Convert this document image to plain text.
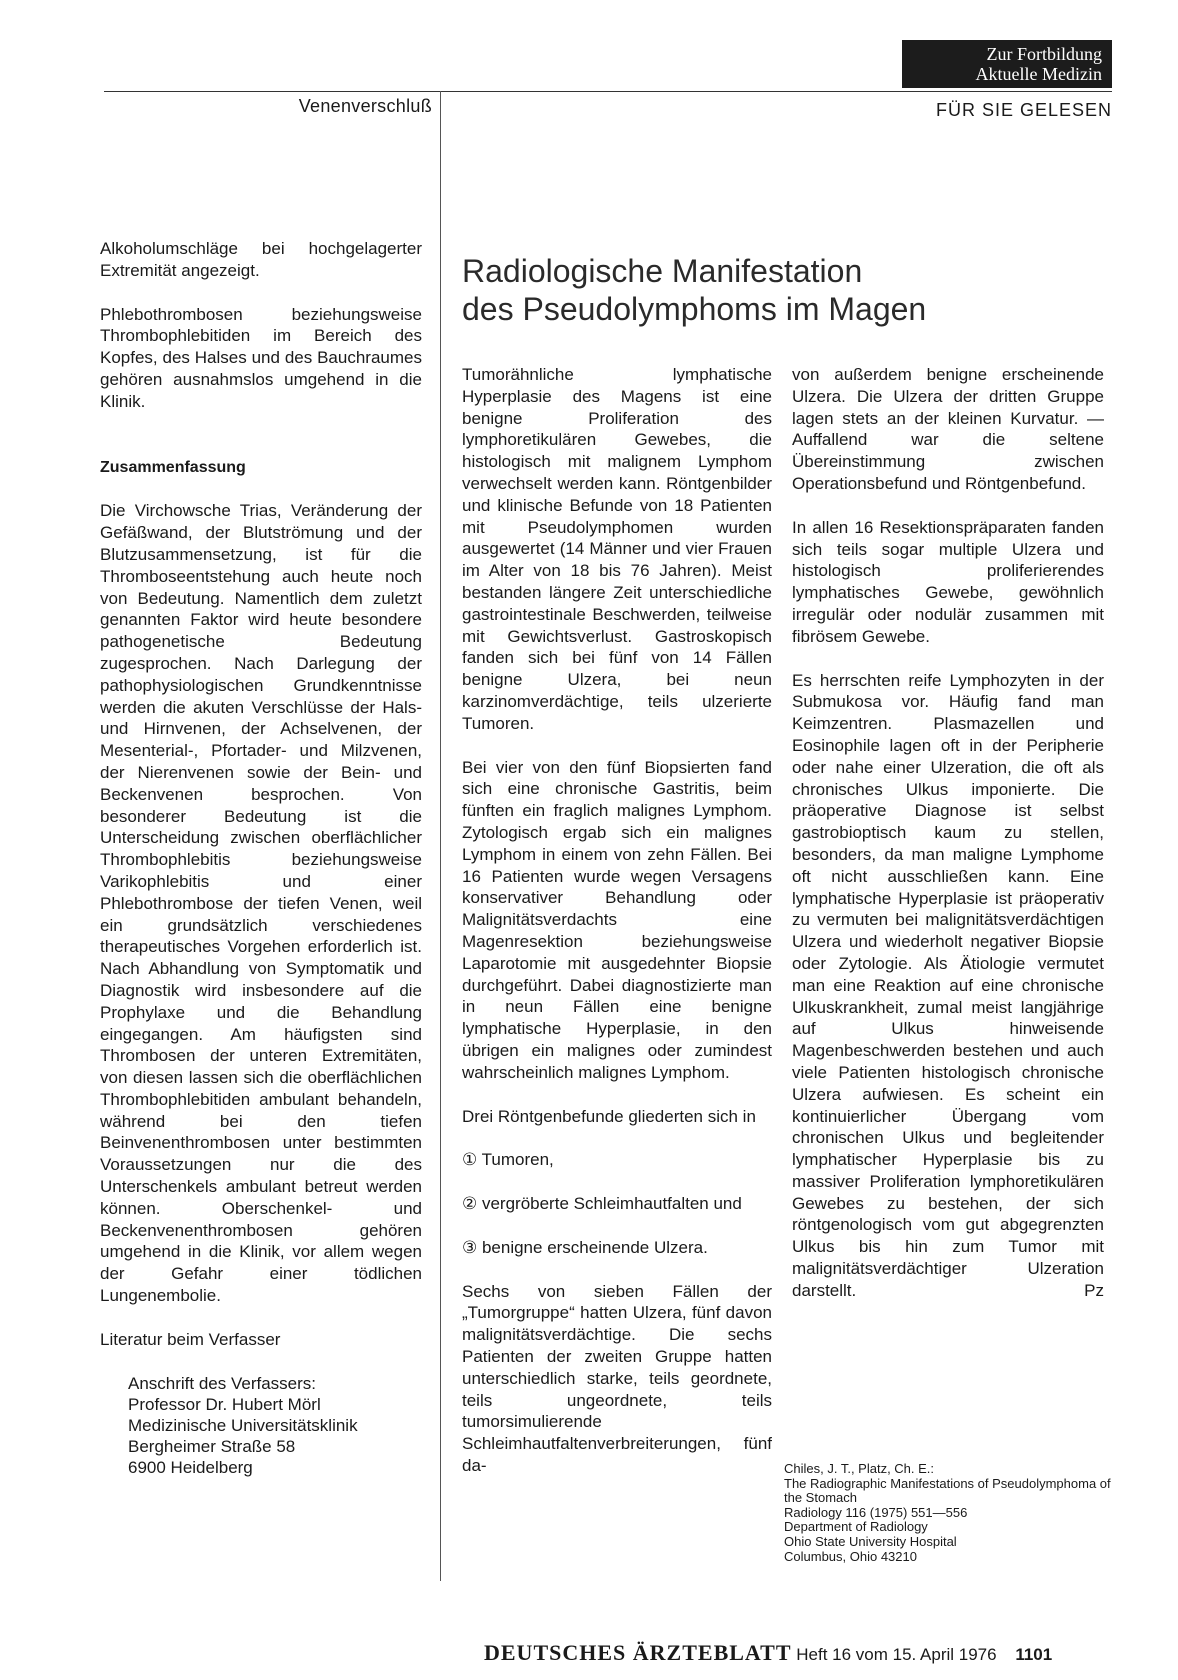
Zur Fortbildung
Aktuelle Medizin
Venenverschluß	FÜR SIE GELESEN

Alkoholumschläge bei hochgelagerter Extremität angezeigt.

Phlebothrombosen beziehungsweise Thrombophlebitiden im Bereich des Kopfes, des Halses und des Bauchraumes gehören ausnahmslos umgehend in die Klinik.

Zusammenfassung

Die Virchowsche Trias, Veränderung der Gefäßwand, der Blutströmung und der Blutzusammensetzung, ist für die Thromboseentstehung auch heute noch von Bedeutung. Namentlich dem zuletzt genannten Faktor wird heute besondere pathogenetische Bedeutung zugesprochen. Nach Darlegung der pathophysiologischen Grundkenntnisse werden die akuten Verschlüsse der Hals- und Hirnvenen, der Achselvenen, der Mesenterial-, Pfortader- und Milzvenen, der Nierenvenen sowie der Bein- und Beckenvenen besprochen. Von besonderer Bedeutung ist die Unterscheidung zwischen oberflächlicher Thrombophlebitis beziehungsweise Varikophlebitis und einer Phlebothrombose der tiefen Venen, weil ein grundsätzlich verschiedenes therapeutisches Vorgehen erforderlich ist. Nach Abhandlung von Symptomatik und Diagnostik wird insbesondere auf die Prophylaxe und die Behandlung eingegangen. Am häufigsten sind Thrombosen der unteren Extremitäten, von diesen lassen sich die oberflächlichen Thrombophlebitiden ambulant behandeln, während bei den tiefen Beinvenenthrombosen unter bestimmten Voraussetzungen nur die des Unterschenkels ambulant betreut werden können. Oberschenkel- und Beckenvenenthrombosen gehören umgehend in die Klinik, vor allem wegen der Gefahr einer tödlichen Lungenembolie.

Literatur beim Verfasser

Anschrift des Verfassers:
Professor Dr. Hubert Mörl
Medizinische Universitätsklinik
Bergheimer Straße 58
6900 Heidelberg
Radiologische Manifestation
des Pseudolymphoms im Magen

Tumorähnliche lymphatische Hyperplasie des Magens ist eine benigne Proliferation des lymphoretikulären Gewebes, die histologisch mit malignem Lymphom verwechselt werden kann. Röntgenbilder und klinische Befunde von 18 Patienten mit Pseudolymphomen wurden ausgewertet (14 Männer und vier Frauen im Alter von 18 bis 76 Jahren). Meist bestanden längere Zeit unterschiedliche gastrointestinale Beschwerden, teilweise mit Gewichtsverlust. Gastroskopisch fanden sich bei fünf von 14 Fällen benigne Ulzera, bei neun karzinomverdächtige, teils ulzerierte Tumoren.

Bei vier von den fünf Biopsierten fand sich eine chronische Gastritis, beim fünften ein fraglich malignes Lymphom. Zytologisch ergab sich ein malignes Lymphom in einem von zehn Fällen. Bei 16 Patienten wurde wegen Versagens konservativer Behandlung oder Malignitätsverdachts eine Magenresektion beziehungsweise Laparotomie mit ausgedehnter Biopsie durchgeführt. Dabei diagnostizierte man in neun Fällen eine benigne lymphatische Hyperplasie, in den übrigen ein malignes oder zumindest wahrscheinlich malignes Lymphom.

Drei Röntgenbefunde gliederten sich in

① Tumoren,

② vergröberte Schleimhautfalten und

③ benigne erscheinende Ulzera.

Sechs von sieben Fällen der „Tumorgruppe“ hatten Ulzera, fünf davon malignitätsverdächtige. Die sechs Patienten der zweiten Gruppe hatten unterschiedlich starke, teils geordnete, teils ungeordnete, teils tumorsimulierende Schleimhautfaltenverbreiterungen, fünf da-

von außerdem benigne erscheinende Ulzera. Die Ulzera der dritten Gruppe lagen stets an der kleinen Kurvatur. — Auffallend war die seltene Übereinstimmung zwischen Operationsbefund und Röntgenbefund.

In allen 16 Resektionspräparaten fanden sich teils sogar multiple Ulzera und histologisch proliferierendes lymphatisches Gewebe, gewöhnlich irregulär oder nodulär zusammen mit fibrösem Gewebe.

Es herrschten reife Lymphozyten in der Submukosa vor. Häufig fand man Keimzentren. Plasmazellen und Eosinophile lagen oft in der Peripherie oder nahe einer Ulzeration, die oft als chronisches Ulkus imponierte. Die präoperative Diagnose ist selbst gastrobioptisch kaum zu stellen, besonders, da man maligne Lymphome oft nicht ausschließen kann. Eine lymphatische Hyperplasie ist präoperativ zu vermuten bei malignitätsverdächtigen Ulzera und wiederholt negativer Biopsie oder Zytologie. Als Ätiologie vermutet man eine Reaktion auf eine chronische Ulkuskrankheit, zumal meist langjährige auf Ulkus hinweisende Magenbeschwerden bestehen und auch viele Patienten histologisch chronische Ulzera aufwiesen. Es scheint ein kontinuierlicher Übergang vom chronischen Ulkus und begleitender lymphatischer Hyperplasie bis zu massiver Proliferation lymphoretikulären Gewebes zu bestehen, der sich röntgenologisch vom gut abgegrenzten Ulkus bis hin zum Tumor mit malignitätsverdächtiger Ulzeration darstellt.	Pz

Chiles, J. T., Platz, Ch. E.:
The Radiographic Manifestations of Pseudolymphoma of the Stomach
Radiology 116 (1975) 551—556
Department of Radiology
Ohio State University Hospital
Columbus, Ohio 43210
DEUTSCHES ÄRZTEBLATT Heft 16 vom 15. April 1976 1101
